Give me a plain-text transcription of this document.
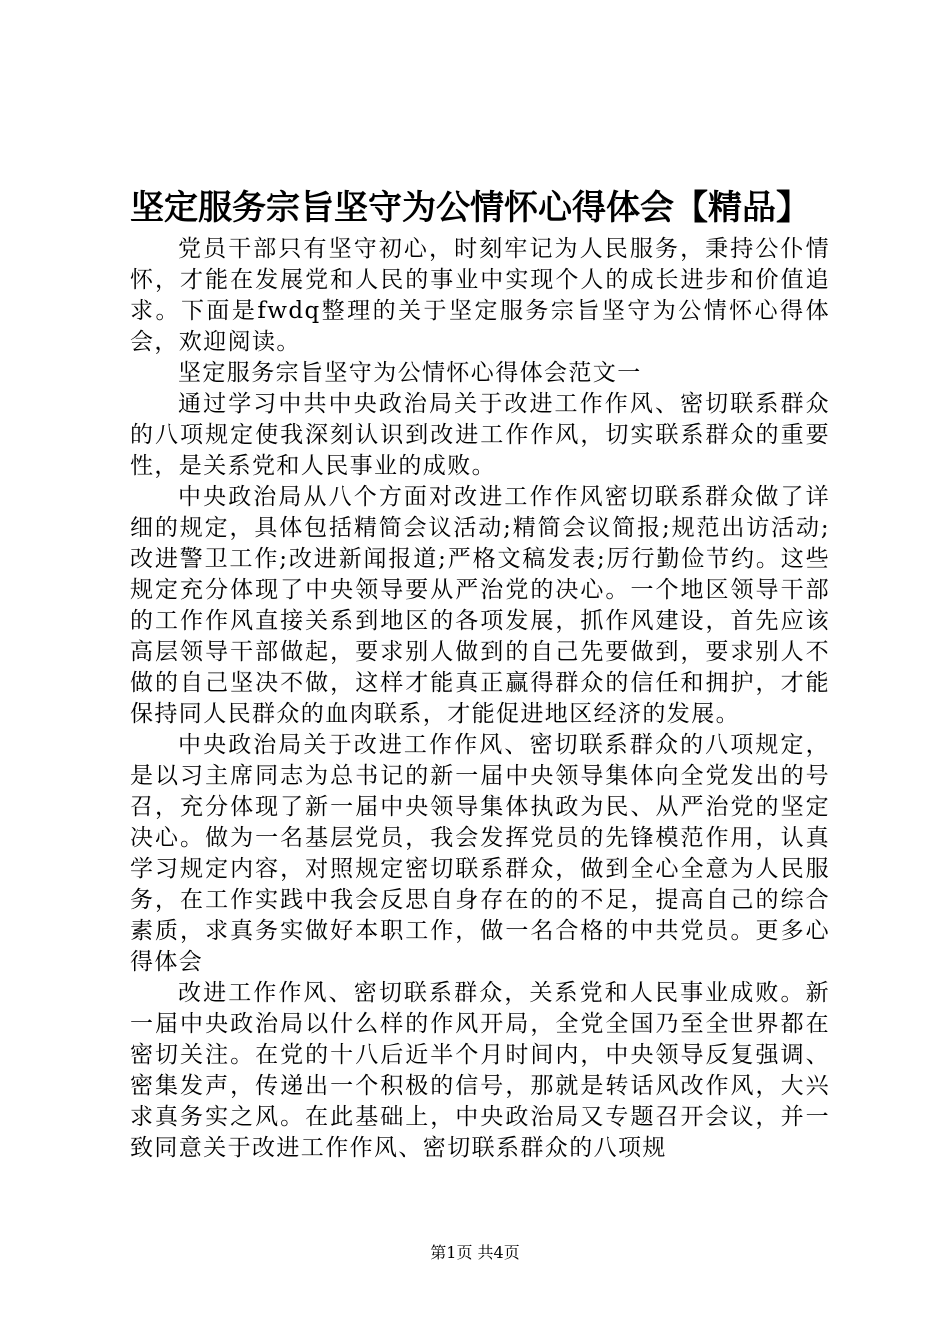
坚定服务宗旨坚守为公情怀心得体会【精品】

党员干部只有坚守初心，时刻牢记为人民服务，秉持公仆情怀，才能在发展党和人民的事业中实现个人的成长进步和价值追求。下面是fwdq整理的关于坚定服务宗旨坚守为公情怀心得体会，欢迎阅读。

坚定服务宗旨坚守为公情怀心得体会范文一

通过学习中共中央政治局关于改进工作作风、密切联系群众的八项规定使我深刻认识到改进工作作风，切实联系群众的重要性，是关系党和人民事业的成败。

中央政治局从八个方面对改进工作作风密切联系群众做了详细的规定，具体包括精简会议活动;精简会议简报;规范出访活动;改进警卫工作;改进新闻报道;严格文稿发表;厉行勤俭节约。这些规定充分体现了中央领导要从严治党的决心。一个地区领导干部的工作作风直接关系到地区的各项发展，抓作风建设，首先应该高层领导干部做起，要求别人做到的自己先要做到，要求别人不做的自己坚决不做，这样才能真正赢得群众的信任和拥护，才能保持同人民群众的血肉联系，才能促进地区经济的发展。

中央政治局关于改进工作作风、密切联系群众的八项规定，是以习主席同志为总书记的新一届中央领导集体向全党发出的号召，充分体现了新一届中央领导集体执政为民、从严治党的坚定决心。做为一名基层党员，我会发挥党员的先锋模范作用，认真学习规定内容，对照规定密切联系群众，做到全心全意为人民服务，在工作实践中我会反思自身存在的的不足，提高自己的综合素质，求真务实做好本职工作，做一名合格的中共党员。更多心得体会

改进工作作风、密切联系群众，关系党和人民事业成败。新一届中央政治局以什么样的作风开局，全党全国乃至全世界都在密切关注。在党的十八后近半个月时间内，中央领导反复强调、密集发声，传递出一个积极的信号，那就是转话风改作风，大兴求真务实之风。在此基础上，中央政治局又专题召开会议，并一致同意关于改进工作作风、密切联系群众的八项规

第1页 共4页
